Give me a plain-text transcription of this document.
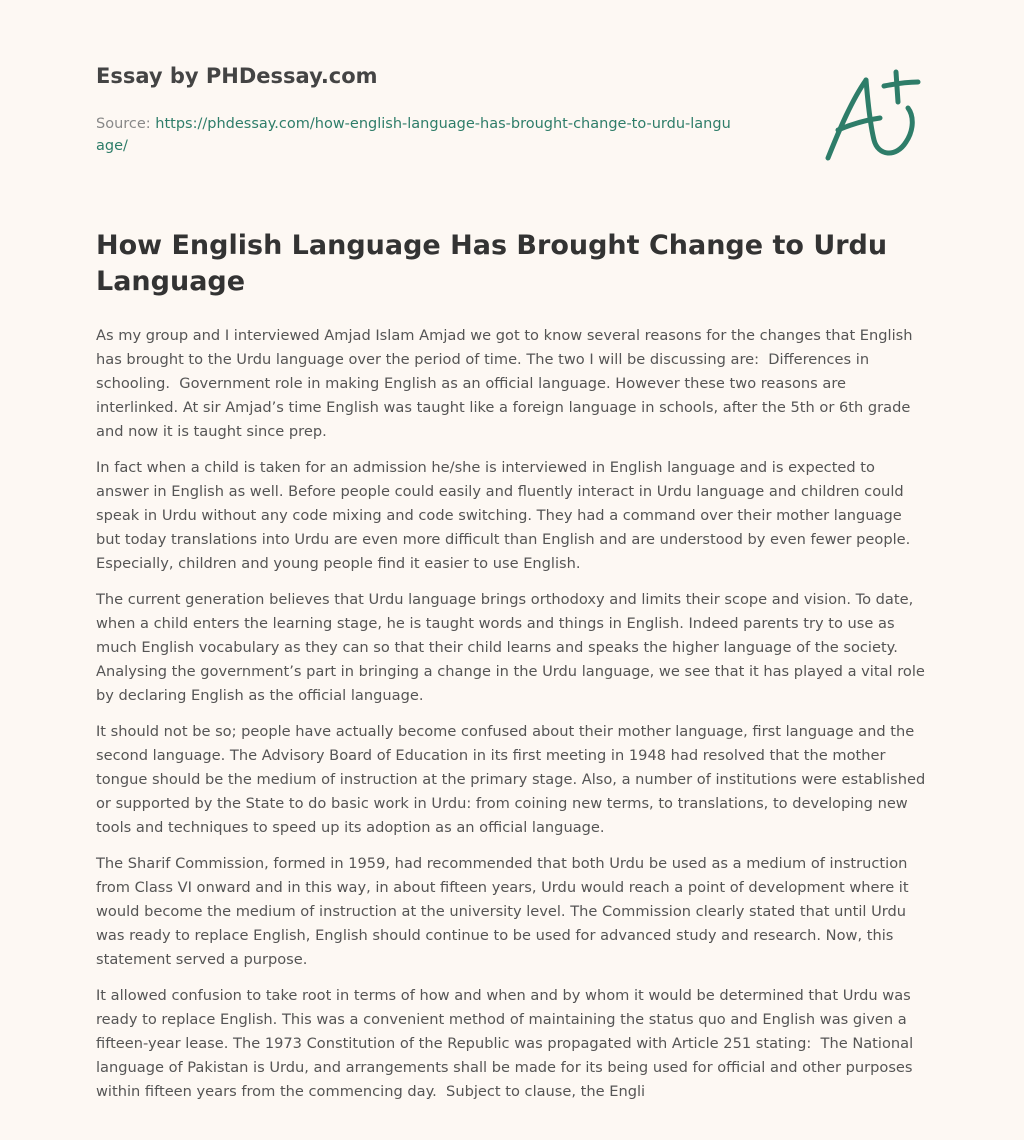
Essay by PHDessay.com
Source: https://phdessay.com/how-english-language-has-brought-change-to-urdu-language/
How English Language Has Brought Change to Urdu Language

As my group and I interviewed Amjad Islam Amjad we got to know several reasons for the changes that English has brought to the Urdu language over the period of time. The two I will be discussing are:  Differences in schooling.  Government role in making English as an official language. However these two reasons are interlinked. At sir Amjad’s time English was taught like a foreign language in schools, after the 5th or 6th grade and now it is taught since prep.

In fact when a child is taken for an admission he/she is interviewed in English language and is expected to answer in English as well. Before people could easily and fluently interact in Urdu language and children could speak in Urdu without any code mixing and code switching. They had a command over their mother language but today translations into Urdu are even more difficult than English and are understood by even fewer people. Especially, children and young people find it easier to use English.

The current generation believes that Urdu language brings orthodoxy and limits their scope and vision. To date, when a child enters the learning stage, he is taught words and things in English. Indeed parents try to use as much English vocabulary as they can so that their child learns and speaks the higher language of the society. Analysing the government’s part in bringing a change in the Urdu language, we see that it has played a vital role by declaring English as the official language.

It should not be so; people have actually become confused about their mother language, first language and the second language. The Advisory Board of Education in its first meeting in 1948 had resolved that the mother tongue should be the medium of instruction at the primary stage. Also, a number of institutions were established or supported by the State to do basic work in Urdu: from coining new terms, to translations, to developing new tools and techniques to speed up its adoption as an official language.

The Sharif Commission, formed in 1959, had recommended that both Urdu be used as a medium of instruction from Class VI onward and in this way, in about fifteen years, Urdu would reach a point of development where it would become the medium of instruction at the university level. The Commission clearly stated that until Urdu was ready to replace English, English should continue to be used for advanced study and research. Now, this statement served a purpose.

It allowed confusion to take root in terms of how and when and by whom it would be determined that Urdu was ready to replace English. This was a convenient method of maintaining the status quo and English was given a fifteen-year lease. The 1973 Constitution of the Republic was propagated with Article 251 stating:  The National language of Pakistan is Urdu, and arrangements shall be made for its being used for official and other purposes within fifteen years from the commencing day.  Subject to clause, the Engli
